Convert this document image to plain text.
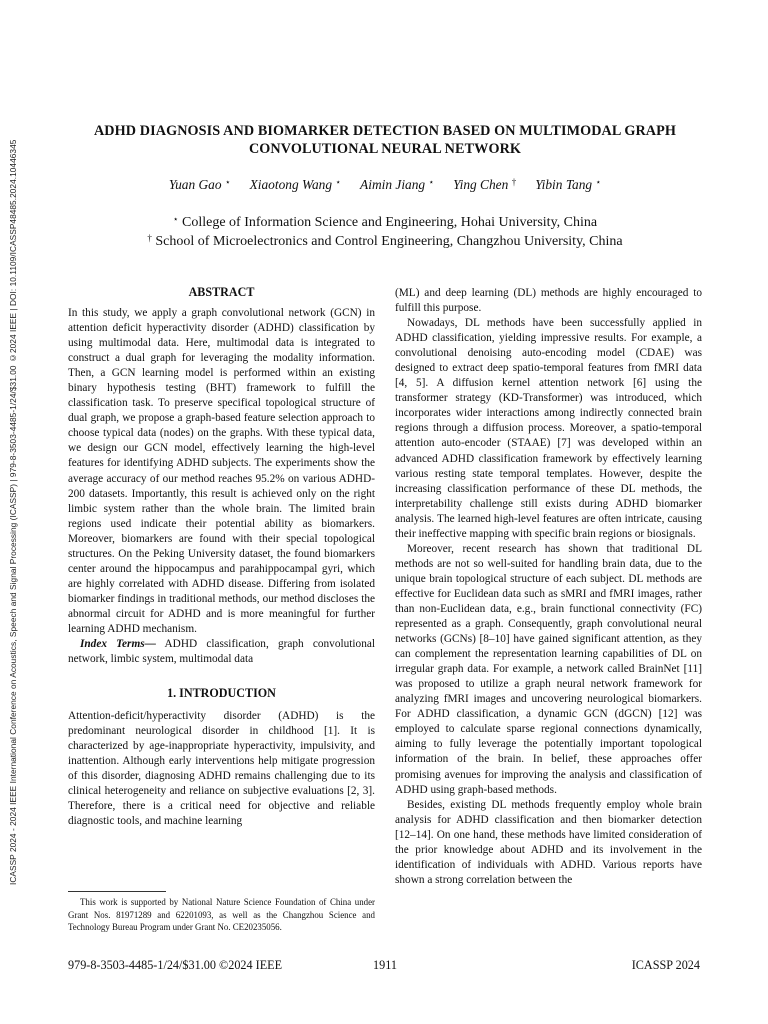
ICASSP 2024 - 2024 IEEE International Conference on Acoustics, Speech and Signal Processing (ICASSP) | 979-8-3503-4485-1/24/$31.00 ©2024 IEEE | DOI: 10.1109/ICASSP48485.2024.10446345
ADHD DIAGNOSIS AND BIOMARKER DETECTION BASED ON MULTIMODAL GRAPH
CONVOLUTIONAL NEURAL NETWORK
Yuan Gao ⋆ Xiaotong Wang ⋆ Aimin Jiang ⋆ Ying Chen † Yibin Tang ⋆
⋆ College of Information Science and Engineering, Hohai University, China
† School of Microelectronics and Control Engineering, Changzhou University, China

ABSTRACT

In this study, we apply a graph convolutional network (GCN) in attention deficit hyperactivity disorder (ADHD) classification by using multimodal data. Here, multimodal data is integrated to construct a dual graph for leveraging the modality information. Then, a GCN learning model is performed within an existing binary hypothesis testing (BHT) framework to fulfill the classification task. To preserve specifical topological structure of dual graph, we propose a graph-based feature selection approach to choose typical data (nodes) on the graphs. With these typical data, we design our GCN model, effectively learning the high-level features for identifying ADHD subjects. The experiments show the average accuracy of our method reaches 95.2% on various ADHD-200 datasets. Importantly, this result is achieved only on the right limbic system rather than the whole brain. The limited brain regions used indicate their potential ability as biomarkers. Moreover, biomarkers are found with their special topological structures. On the Peking University dataset, the found biomarkers center around the hippocampus and parahippocampal gyri, which are highly correlated with ADHD disease. Differing from isolated biomarker findings in traditional methods, our method discloses the abnormal circuit for ADHD and is more meaningful for further learning ADHD mechanism.

Index Terms— ADHD classification, graph convolutional network, limbic system, multimodal data

1. INTRODUCTION

Attention-deficit/hyperactivity disorder (ADHD) is the predominant neurological disorder in childhood [1]. It is characterized by age-inappropriate hyperactivity, impulsivity, and inattention. Although early interventions help mitigate progression of this disorder, diagnosing ADHD remains challenging due to its clinical heterogeneity and reliance on subjective evaluations [2, 3]. Therefore, there is a critical need for objective and reliable diagnostic tools, and machine learning

(ML) and deep learning (DL) methods are highly encouraged to fulfill this purpose.

Nowadays, DL methods have been successfully applied in ADHD classification, yielding impressive results. For example, a convolutional denoising auto-encoding model (CDAE) was designed to extract deep spatio-temporal features from fMRI data [4, 5]. A diffusion kernel attention network [6] using the transformer strategy (KD-Transformer) was introduced, which incorporates wider interactions among indirectly connected brain regions through a diffusion process. Moreover, a spatio-temporal attention auto-encoder (STAAE) [7] was developed within an advanced ADHD classification framework by effectively learning various resting state temporal templates. However, despite the increasing classification performance of these DL methods, the interpretability challenge still exists during ADHD biomarker analysis. The learned high-level features are often intricate, causing their ineffective mapping with specific brain regions or biosignals.

Moreover, recent research has shown that traditional DL methods are not so well-suited for handling brain data, due to the unique brain topological structure of each subject. DL methods are effective for Euclidean data such as sMRI and fMRI images, rather than non-Euclidean data, e.g., brain functional connectivity (FC) represented as a graph. Consequently, graph convolutional neural networks (GCNs) [8–10] have gained significant attention, as they can complement the representation learning capabilities of DL on irregular graph data. For example, a network called BrainNet [11] was proposed to utilize a graph neural network framework for analyzing fMRI images and uncovering neurological biomarkers. For ADHD classification, a dynamic GCN (dGCN) [12] was employed to calculate sparse regional connections dynamically, aiming to fully leverage the potentially important topological information of the brain. In belief, these approaches offer promising avenues for improving the analysis and classification of ADHD using graph-based methods.

Besides, existing DL methods frequently employ whole brain analysis for ADHD classification and then biomarker detection [12–14]. On one hand, these methods have limited consideration of the prior knowledge about ADHD and its involvement in the identification of individuals with ADHD. Various reports have shown a strong correlation between the

This work is supported by National Nature Science Foundation of China under Grant Nos. 81971289 and 62201093, as well as the Changzhou Science and Technology Bureau Program under Grant No. CE20235056.
979-8-3503-4485-1/24/$31.00 ©2024 IEEE	1911	ICASSP 2024
